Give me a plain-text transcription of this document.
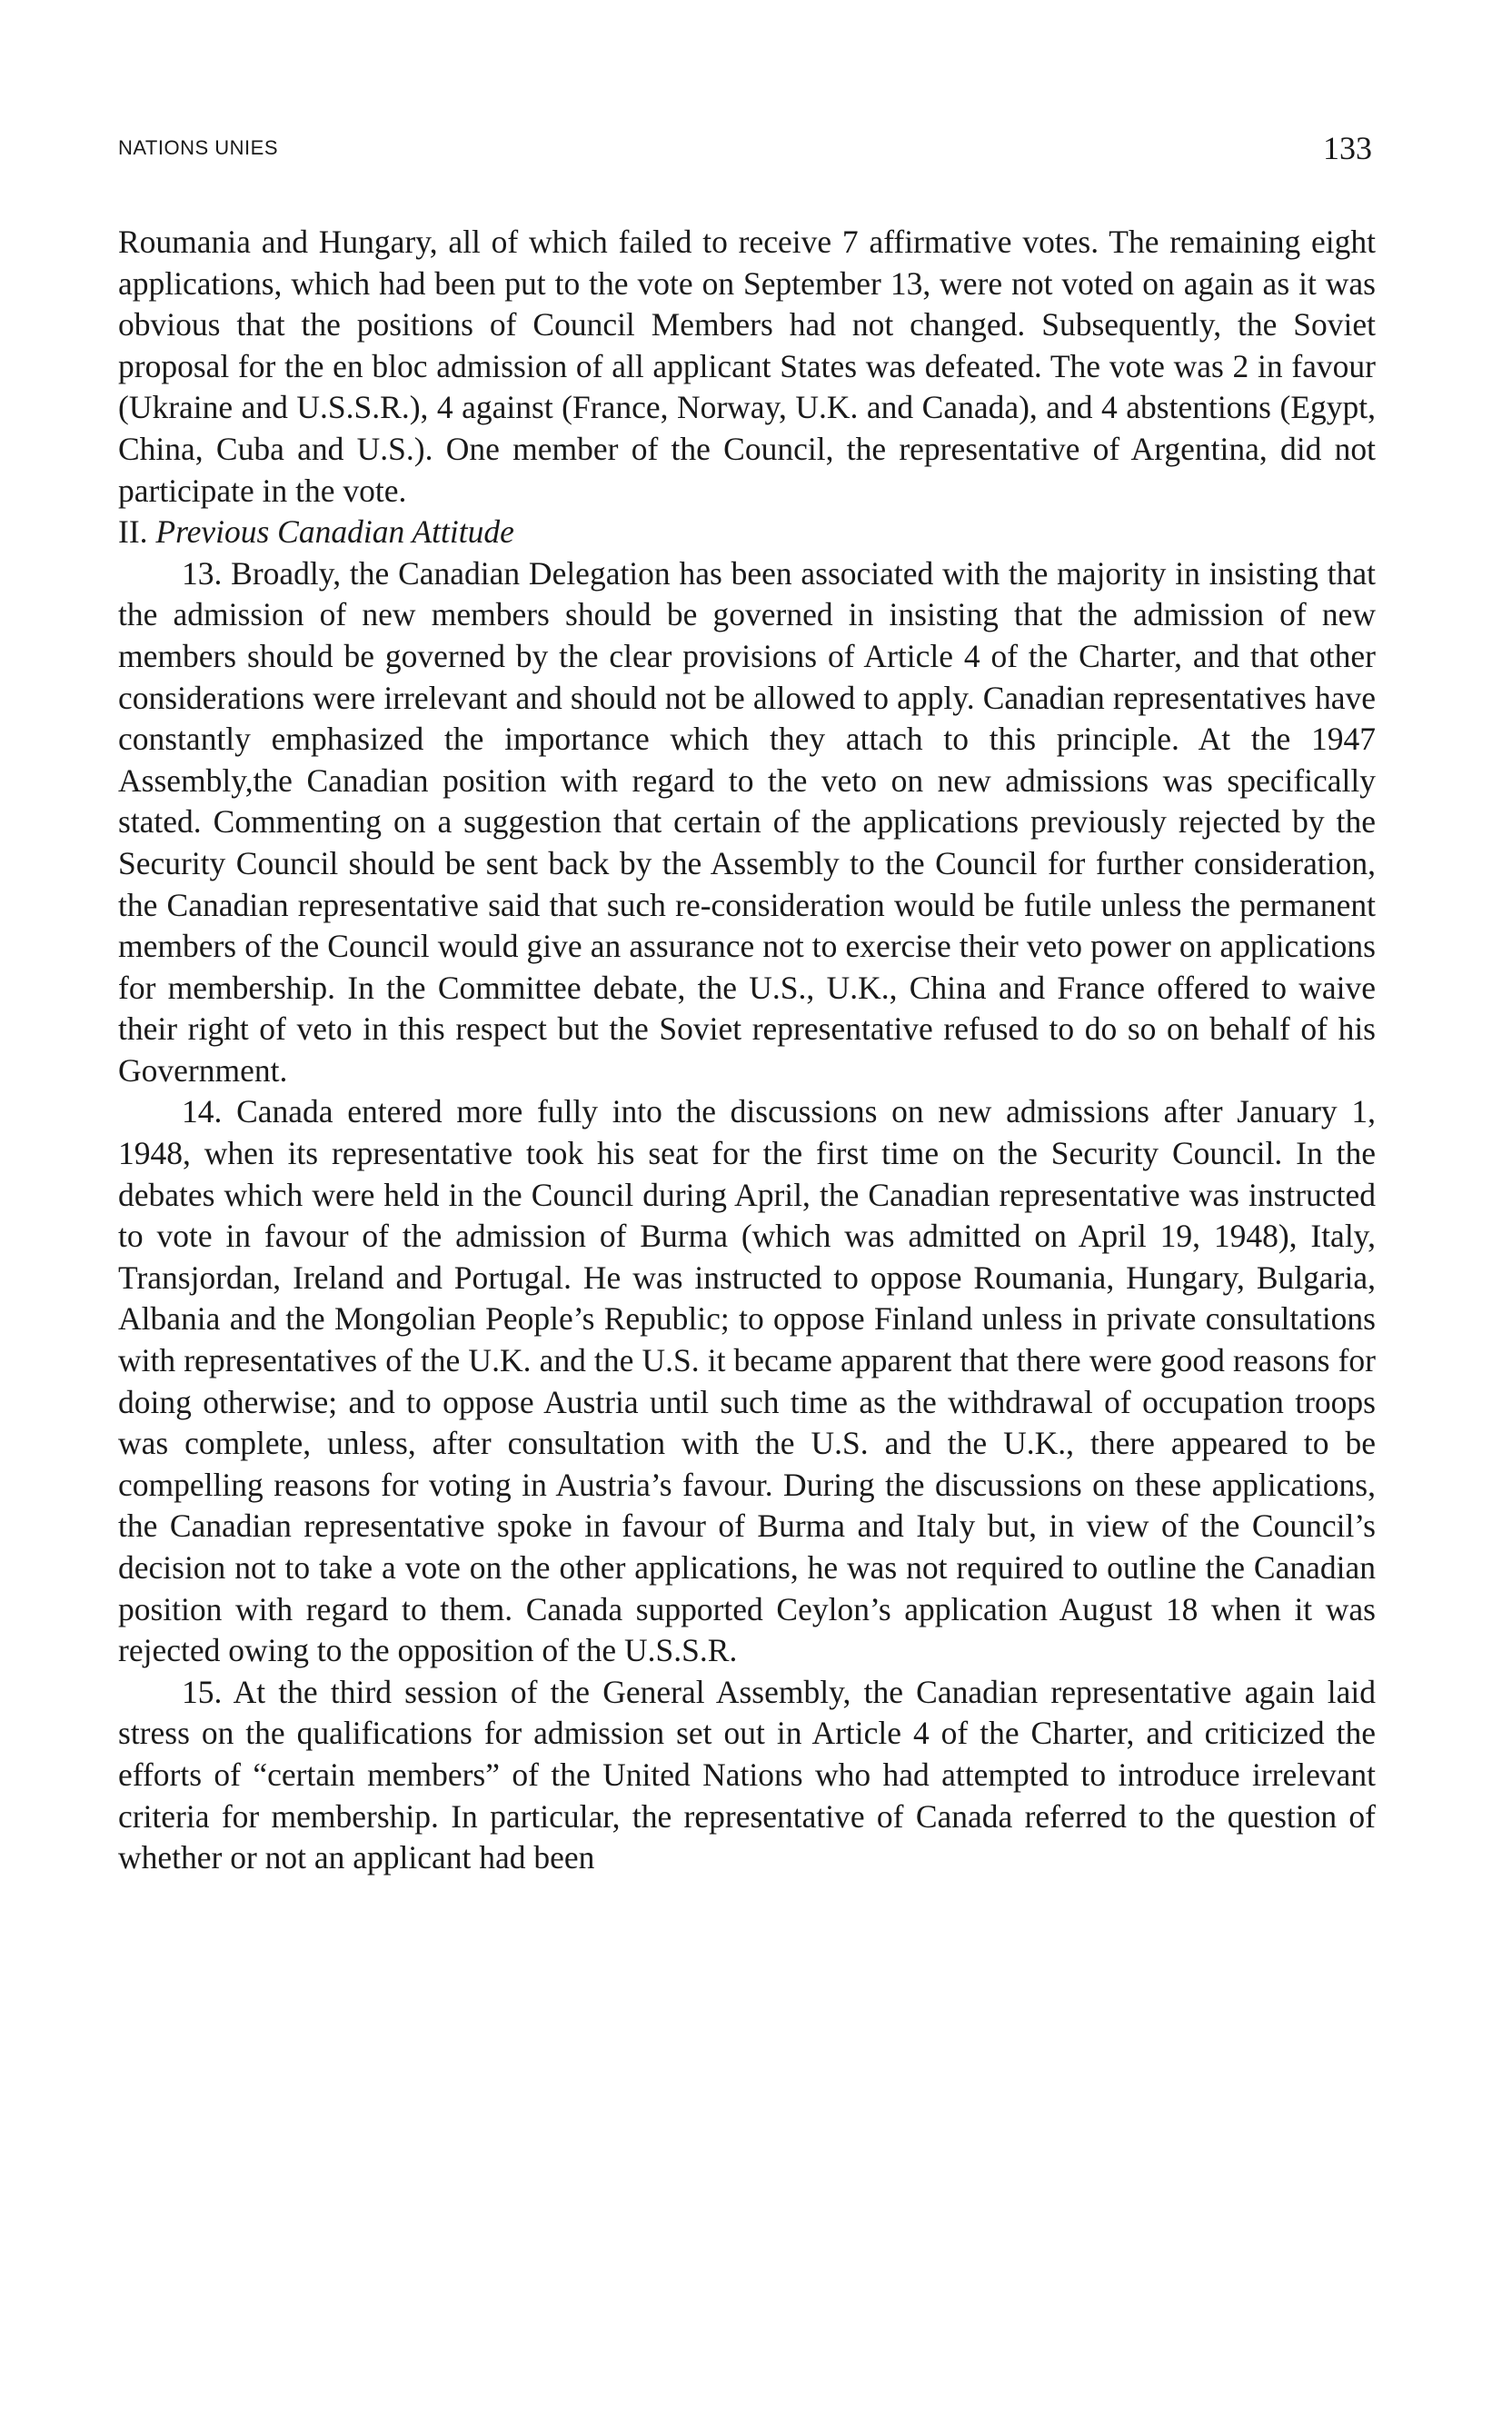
NATIONS UNIES	133

Roumania and Hungary, all of which failed to receive 7 affirmative votes. The remaining eight applications, which had been put to the vote on September 13, were not voted on again as it was obvious that the positions of Council Members had not changed. Subsequently, the Soviet proposal for the en bloc admission of all applicant States was defeated. The vote was 2 in favour (Ukraine and U.S.S.R.), 4 against (France, Norway, U.K. and Canada), and 4 abstentions (Egypt, China, Cuba and U.S.). One member of the Council, the representative of Argentina, did not participate in the vote.

II. Previous Canadian Attitude

13. Broadly, the Canadian Delegation has been associated with the majority in insisting that the admission of new members should be governed in insisting that the admission of new members should be governed by the clear provisions of Article 4 of the Charter, and that other considerations were irrelevant and should not be allowed to apply. Canadian representatives have constantly emphasized the importance which they attach to this principle. At the 1947 Assembly,the Canadian position with regard to the veto on new admissions was specifically stated. Commenting on a suggestion that certain of the applications previously rejected by the Security Council should be sent back by the Assembly to the Council for further consideration, the Canadian representative said that such re-consideration would be futile unless the permanent members of the Council would give an assurance not to exercise their veto power on applications for membership. In the Committee debate, the U.S., U.K., China and France offered to waive their right of veto in this respect but the Soviet representative refused to do so on behalf of his Government.

14. Canada entered more fully into the discussions on new admissions after January 1, 1948, when its representative took his seat for the first time on the Security Council. In the debates which were held in the Council during April, the Canadian representative was instructed to vote in favour of the admission of Burma (which was admitted on April 19, 1948), Italy, Transjordan, Ireland and Portugal. He was instructed to oppose Roumania, Hungary, Bulgaria, Albania and the Mongolian People’s Republic; to oppose Finland unless in private consultations with representatives of the U.K. and the U.S. it became apparent that there were good reasons for doing otherwise; and to oppose Austria until such time as the withdrawal of occupation troops was complete, unless, after consultation with the U.S. and the U.K., there appeared to be compelling reasons for voting in Austria’s favour. During the discussions on these applications, the Canadian representative spoke in favour of Burma and Italy but, in view of the Council’s decision not to take a vote on the other applications, he was not required to outline the Canadian position with regard to them. Canada supported Ceylon’s application August 18 when it was rejected owing to the opposition of the U.S.S.R.

15. At the third session of the General Assembly, the Canadian representative again laid stress on the qualifications for admission set out in Article 4 of the Charter, and criticized the efforts of “certain members” of the United Nations who had attempted to introduce irrelevant criteria for membership. In particular, the representative of Canada referred to the question of whether or not an applicant had been
